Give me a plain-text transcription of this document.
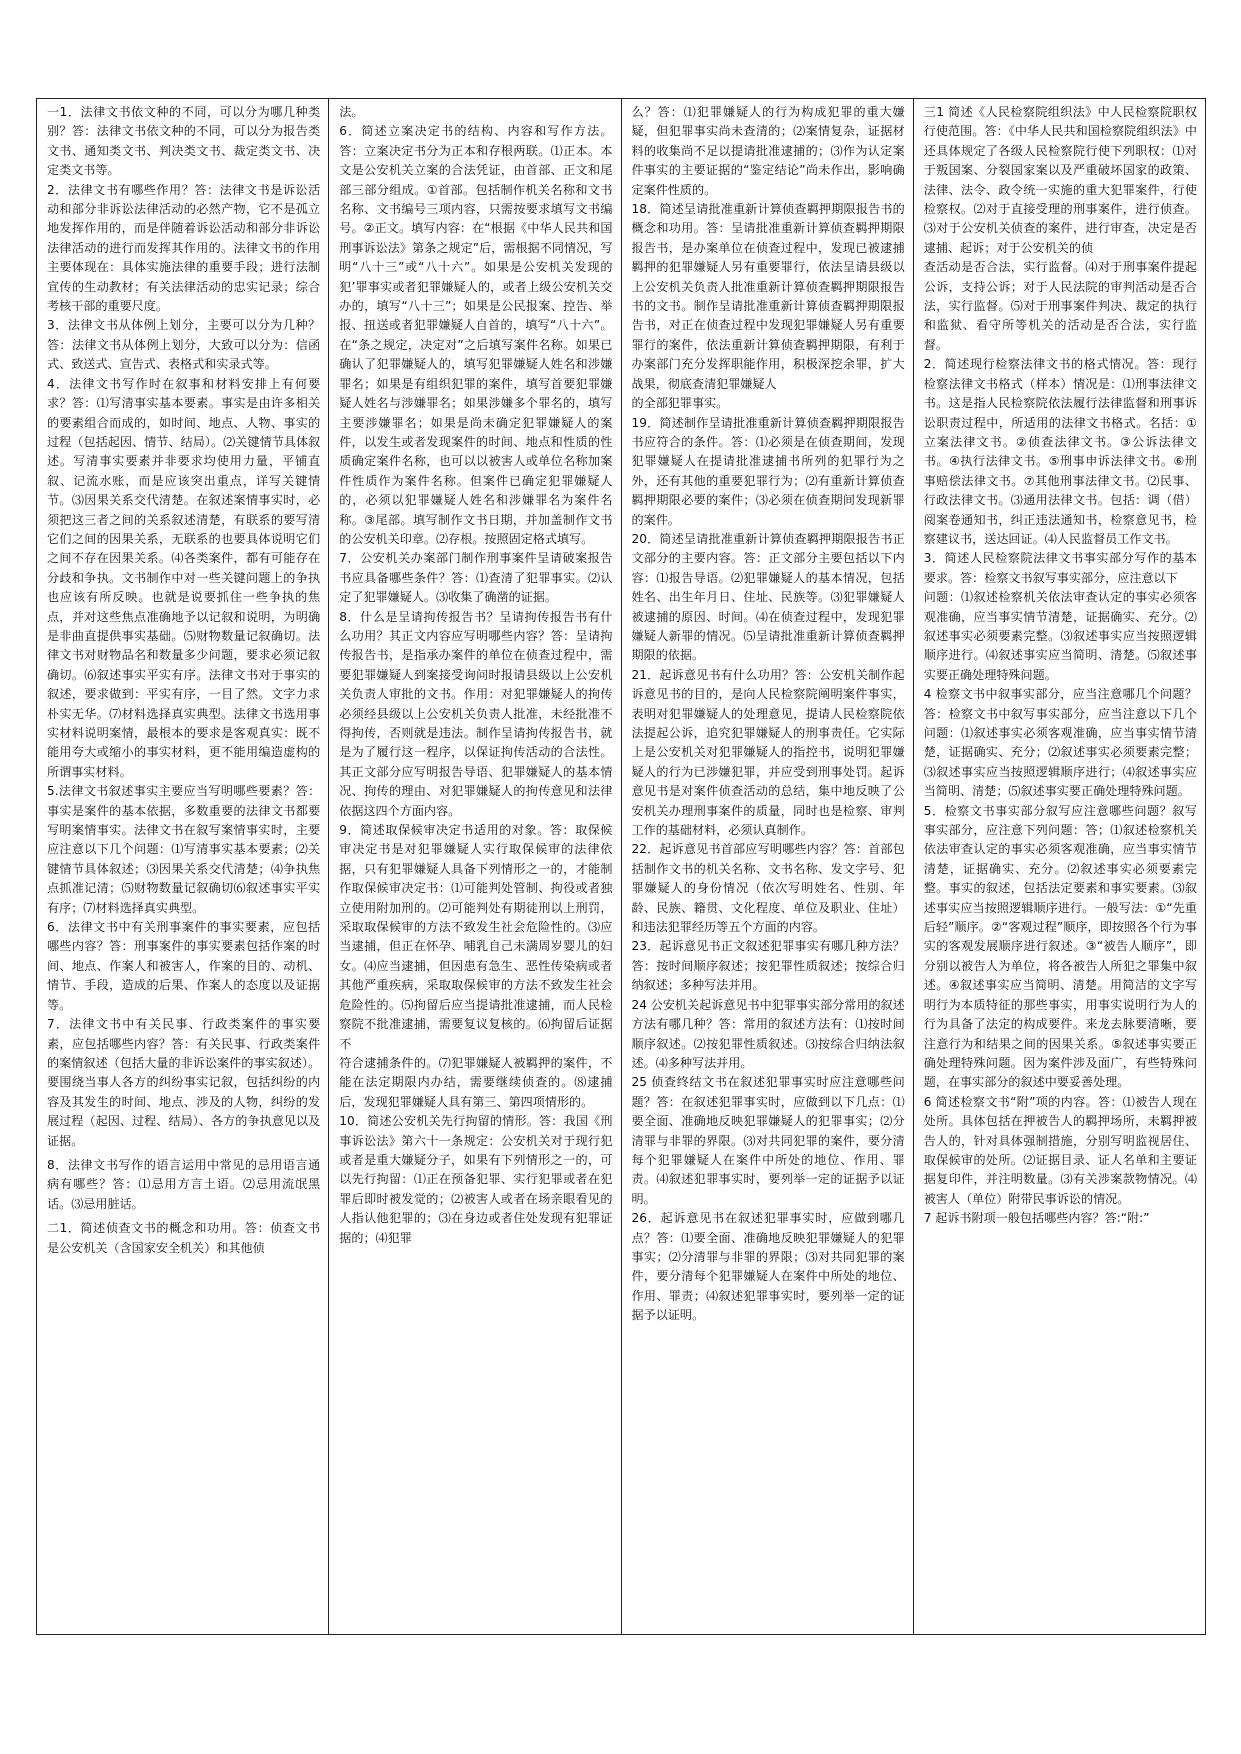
一1．法律文书依文种的不同，可以分为哪几种类别？答：法律文书依文种的不同，可以分为报告类文书、通知类文书、判决类文书、裁定类文书、决定类文书等。

2．法律文书有哪些作用？答：法律文书是诉讼活动和部分非诉讼法律活动的必然产物，它不是孤立地发挥作用的，而是伴随着诉讼活动和部分非诉讼法律活动的进行而发挥其作用的。法律文书的作用主要体现在：具体实施法律的重要手段；进行法制宣传的生动教材；有关法律活动的忠实记录；综合考核干部的重要尺度。

3．法律文书从体例上划分，主要可以分为几种？答：法律文书从体例上划分，大致可以分为：信函式、致送式、宣告式、表格式和实录式等。

4．法律文书写作时在叙事和材料安排上有何要求？答：⑴写清事实基本要素。事实是由许多相关的要素组合而成的，如时间、地点、人物、事实的过程（包括起因、情节、结局）。⑵关键情节具体叙述。写清事实要素并非要求均使用力量，平铺直叙、记流水账，而是应该突出重点，详写关键情节。⑶因果关系交代清楚。在叙述案情事实时，必须把这三者之间的关系叙述清楚，有联系的要写清它们之间的因果关系，无联系的也要具体说明它们之间不存在因果关系。⑷各类案件，都有可能存在分歧和争执。文书制作中对一些关键问题上的争执也应该有所反映。也就是说要抓住一些争执的焦点，并对这些焦点准确地予以记叙和说明，为明确是非曲直提供事实基础。⑸财物数量记叙确切。法律文书对财物品名和数量多少问题，要求必须记叙确切。⑹叙述事实平实有序。法律文书对于事实的叙述，要求做到：平实有序，一目了然。文字力求朴实无华。⑺材料选择真实典型。法律文书选用事实材料说明案情，最根本的要求是客观真实：既不能用夸大或缩小的事实材料，更不能用编造虚构的所谓事实材料。

5.法律文书叙述事实主要应当写明哪些要素？答：事实是案件的基本依据，多数重要的法律文书都要写明案情事实。法律文书在叙写案情事实时，主要应注意以下几个问题：⑴写清事实基本要素；⑵关键情节具体叙述；⑶因果关系交代清楚；⑷争执焦点抓准记清；⑸财物数量记叙确切⑹叙述事实平实有序；⑺材料选择真实典型。

6．法律文书中有关刑事案件的事实要素，应包括哪些内容？答：刑事案件的事实要素包括作案的时间、地点、作案人和被害人，作案的目的、动机、情节、手段，造成的后果、作案人的态度以及证据等。

7．法律文书中有关民事、行政类案件的事实要素，应包括哪些内容？答：有关民事、行政类案件的案情叙述（包括大量的非诉讼案件的事实叙述）。要围绕当事人各方的纠纷事实记叙，包括纠纷的内容及其发生的时间、地点、涉及的人物，纠纷的发展过程（起因、过程、结局）、各方的争执意见以及证据。

8．法律文书写作的语言运用中常见的忌用语言通病有哪些？答：⑴忌用方言土语。⑵忌用流氓黑话。⑶忌用脏话。

二1．简述侦查文书的概念和功用。答：侦查文书是公安机关（含国家安全机关）和其他侦

法。

6．简述立案决定书的结构、内容和写作方法。答：立案决定书分为正本和存根两联。⑴正本。本文是公安机关立案的合法凭证，由首部、正文和尾部三部分组成。①首部。包括制作机关名称和文书名称、文书编号三项内容，只需按要求填写文书编号。②正文。填写内容：在“根据《中华人民共和国刑事诉讼法》第条之规定”后，需根据不同情况，写明“八十三”或“八十六”。如果是公安机关发现的犯’罪事实或者犯罪嫌疑人的，或者上级公安机关交办的，填写“八十三”；如果是公民报案、控告、举报、扭送或者犯罪嫌疑人自首的，填写“八十六”。在“条之规定，决定对”之后填写案件名称。如果已确认了犯罪嫌疑人的，填写犯罪嫌疑人姓名和涉嫌罪名；如果是有组织犯罪的案件，填写首要犯罪嫌疑人姓名与涉嫌罪名；如果涉嫌多个罪名的，填写主要涉嫌罪名；如果是尚未确定犯罪嫌疑人的案件，以发生或者发现案件的时间、地点和性质的性质确定案件名称，也可以以被害人或单位名称加案件性质作为案件名称。但案件已确定犯罪嫌疑人的，必须以犯罪嫌疑人姓名和涉嫌罪名为案件名称。③尾部。填写制作文书日期，并加盖制作文书的公安机关印章。⑵存根。按照固定格式填写。

7．公安机关办案部门制作刑事案件呈请破案报告书应具备哪些条件？答：⑴查清了犯罪事实。⑵认定了犯罪嫌疑人。⑶收集了确凿的证据。

8．什么是呈请拘传报告书？呈请拘传报告书有什么功用？其正文内容应写明哪些内容？答：呈请拘传报告书，是指承办案件的单位在侦查过程中，需要犯罪嫌疑人到案接受询问时报请县级以上公安机关负责人审批的文书。作用：对犯罪嫌疑人的拘传必须经县级以上公安机关负责人批准，未经批准不得拘传，否则就是违法。制作呈请拘传报告书，就是为了履行这一程序，以保证拘传活动的合法性。其正文部分应写明报告导语、犯罪嫌疑人的基本情况、拘传的理由、对犯罪嫌疑人的拘传意见和法律依据这四个方面内容。

9．简述取保候审决定书适用的对象。答：取保候审决定书是对犯罪嫌疑人实行取保候审的法律依据，只有犯罪嫌疑人具备下列情形之一的，才能制作取保候审决定书：⑴可能判处管制、拘役或者独立使用附加刑的。⑵可能判处有期徒刑以上刑罚，采取取保候审的方法不致发生社会危险性的。⑶应当逮捕，但正在怀孕、哺乳自己未满周岁婴儿的妇女。⑷应当逮捕，但因患有急生、恶性传染病或者其他严重疾病，采取取保候审的方法不致发生社会危险性的。⑸拘留后应当提请批准逮捕，而人民检察院不批准逮捕，需要复议复核的。⑹拘留后证据不

符合逮捕条件的。⑺犯罪嫌疑人被羁押的案件，不能在法定期限内办结，需要继续侦查的。⑻逮捕后，发现犯罪嫌疑人具有第三、第四项情形的。

10．简述公安机关先行拘留的情形。答：我国《刑事诉讼法》第六十一条规定：公安机关对于现行犯或者是重大嫌疑分子，如果有下列情形之一的，可以先行拘留：⑴正在预备犯罪、实行犯罪或者在犯罪后即时被发觉的；⑵被害人或者在场亲眼看见的人指认他犯罪的；⑶在身边或者住处发现有犯罪证据的；⑷犯罪

么？答：⑴犯罪嫌疑人的行为构成犯罪的重大嫌疑，但犯罪事实尚未查清的；⑵案情复杂，证据材料的收集尚不足以提请批准逮捕的；⑶作为认定案件事实的主要证据的“鉴定结论”尚未作出，影响确定案件性质的。

18．简述呈请批准重新计算侦查羁押期限报告书的概念和功用。答：呈请批准重新计算侦查羁押期限报告书，是办案单位在侦查过程中，发现已被逮捕羁押的犯罪嫌疑人另有重要罪行，依法呈请县级以上公安机关负责人批准重新计算侦查羁押期限报告书的文书。制作呈请批准重新计算侦查羁押期限报告书，对正在侦查过程中发现犯罪嫌疑人另有重要罪行的案件，依法重新计算侦查羁押期限，有利于办案部门充分发挥职能作用，积极深挖余罪，扩大战果，彻底查清犯罪嫌疑人

的全部犯罪事实。

19．简述制作呈请批准重新计算侦查羁押期限报告书应符合的条件。答：⑴必须是在侦查期间，发现犯罪嫌疑人在提请批准逮捕书所列的犯罪行为之外，还有其他的重要犯罪行为；⑵有重新计算侦查羁押期限必要的案件；⑶必须在侦查期间发现新罪的案件。

20．简述呈请批准重新计算侦查羁押期限报告书正文部分的主要内容。答：正文部分主要包括以下内容：⑴报告导语。⑵犯罪嫌疑人的基本情况，包括姓名、出生年月日、住址、民族等。⑶犯罪嫌疑人被逮捕的原因、时间。⑷在侦查过程中，发现犯罪嫌疑人新罪的情况。⑸呈请批准重新计算侦查羁押期限的依据。

21．起诉意见书有什么功用？答：公安机关制作起诉意见书的目的，是向人民检察院阐明案件事实，表明对犯罪嫌疑人的处理意见，提请人民检察院依法提起公诉，追究犯罪嫌疑人的刑事责任。它实际上是公安机关对犯罪嫌疑人的指控书，说明犯罪嫌疑人的行为已涉嫌犯罪，并应受到刑事处罚。起诉意见书是对案件侦查活动的总结，集中地反映了公安机关办理刑事案件的质量，同时也是检察、审判工作的基础材料，必须认真制作。

22．起诉意见书首部应写明哪些内容？答：首部包括制作文书的机关名称、文书名称、发文字号、犯罪嫌疑人的身份情况（依次写明姓名、性别、年龄、民族、籍贯、文化程度、单位及职业、住址）和违法犯罪经历等五个方面的内容。

23．起诉意见书正文叙述犯罪事实有哪几种方法？答：按时间顺序叙述；按犯罪性质叙述；按综合归纳叙述；多种写法并用。

24 公安机关起诉意见书中犯罪事实部分常用的叙述方法有哪几种？答：常用的叙述方法有：⑴按时间顺序叙述。⑵按犯罪性质叙述。⑶按综合归纳法叙述。⑷多种写法并用。

25 侦查终结文书在叙述犯罪事实时应注意哪些问题？答：在叙述犯罪事实时，应做到以下几点：⑴要全面、准确地反映犯罪嫌疑人的犯罪事实；⑵分清罪与非罪的界限。⑶对共同犯罪的案件，要分清每个犯罪嫌疑人在案件中所处的地位、作用、罪责。⑷叙述犯罪事实时，要列举一定的证据予以证明。

26．起诉意见书在叙述犯罪事实时，应做到哪几点？答：⑴要全面、准确地反映犯罪嫌疑人的犯罪事实；⑵分清罪与非罪的界限；⑶对共同犯罪的案件，要分清每个犯罪嫌疑人在案件中所处的地位、作用、罪责；⑷叙述犯罪事实时，要列举一定的证据予以证明。

三1 简述《人民检察院组织法》中人民检察院职权行使范围。答：《中华人民共和国检察院组织法》中还具体规定了各级人民检察院行使下列职权：⑴对于叛国案、分裂国家案以及严重破坏国家的政策、法律、法令、政令统一实施的重大犯罪案件，行使检察权。⑵对于直接受理的刑事案件，进行侦查。⑶对于公安机关侦查的案件，进行审查，决定是否逮捕、起诉；对于公安机关的侦

查活动是否合法，实行监督。⑷对于刑事案件提起公诉，支持公诉；对于人民法院的审判活动是否合法，实行监督。⑸对于刑事案件判决、裁定的执行和监狱、看守所等机关的活动是否合法，实行监督。

2．简述现行检察法律文书的格式情况。答：现行检察法律文书格式（样本）情况是：⑴刑事法律文书。这是指人民检察院依法履行法律监督和刑事诉讼职责过程中，所适用的法律文书格式。名括：①立案法律文书。②侦查法律文书。③公诉法律文书。④执行法律文书。⑤刑事申诉法律文书。⑥刑事赔偿法律文书。⑦其他刑事法律文书。⑵民事、行政法律文书。⑶通用法律文书。包括：调（借）阅案卷通知书，纠正违法通知书，检察意见书，检察建议书，送达回证。⑷人民监督员工作文书。

3．简述人民检察院法律文书事实部分写作的基本要求。答：检察文书叙写事实部分，应注意以下

问题：⑴叙述检察机关依法审查认定的事实必须客观准确，应当事实情节清楚，证据确实、充分。⑵叙述事实必须要素完整。⑶叙述事实应当按照逻辑顺序进行。⑷叙述事实应当简明、清楚。⑸叙述事实要正确处理特殊问题。

4 检察文书中叙事实部分，应当注意哪几个问题？答：检察文书中叙写事实部分，应当注意以下几个问题：⑴叙述事实必须客观准确，应当事实情节清楚，证据确实、充分；⑵叙述事实必须要素完整；⑶叙述事实应当按照逻辑顺序进行；⑷叙述事实应当简明、清楚；⑸叙述事实要正确处理特殊问题。

5．检察文书事实部分叙写应注意哪些问题？叙写事实部分，应注意下列问题：答；⑴叙述检察机关依法审查认定的事实必须客观准确，应当事实情节清楚，证据确实、充分。⑵叙述事实必须要素完整。事实的叙述，包括法定要素和事实要素。⑶叙述事实应当按照逻辑顺序进行。一般写法：①“先重后轻”顺序。②“客观过程”顺序，即按照各个行为事实的客观发展顺序进行叙述。③“被告人顺序”，即分别以被告人为单位，将各被告人所犯之罪集中叙述。④叙述事实应当简明、清楚。用简洁的文字写明行为本质特征的那些事实，用事实说明行为人的行为具备了法定的构成要件。来龙去脉要清晰，要注意行为和结果之间的因果关系。⑤叙述事实要正确处理特殊问题。因为案件涉及面广，有些特殊问题，在事实部分的叙述中要妥善处理。

6 简述检察文书“附”项的内容。答：⑴被告人现在处所。具体包括在押被告人的羁押场所，未羁押被告人的，针对具体强制措施，分别写明监视居住、取保候审的处所。⑵证据目录、证人名单和主要证据复印件，并注明数量。⑶有关涉案款物情况。⑷被害人（单位）附带民事诉讼的情况。

7 起诉书附项一般包括哪些内容？答:“附:”
